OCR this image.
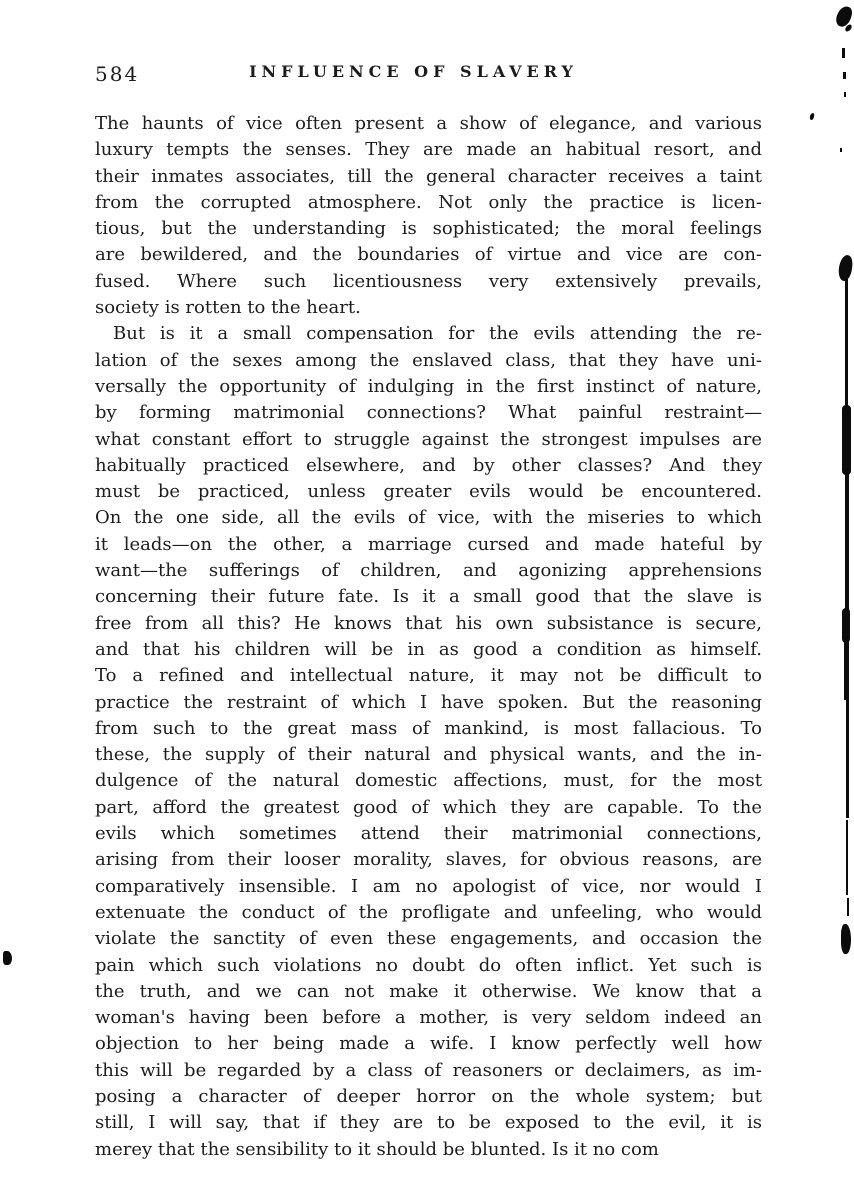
584	INFLUENCE OF SLAVERY
The haunts of vice often present a show of elegance, and various
luxury tempts the senses. They are made an habitual resort, and
their inmates associates, till the general character receives a taint
from the corrupted atmosphere. Not only the practice is licen-
tious, but the understanding is sophisticated; the moral feelings
are bewildered, and the boundaries of virtue and vice are con-
fused. Where such licentiousness very extensively prevails,
society is rotten to the heart.
But is it a small compensation for the evils attending the re-
lation of the sexes among the enslaved class, that they have uni-
versally the opportunity of indulging in the first instinct of nature,
by forming matrimonial connections? What painful restraint—
what constant effort to struggle against the strongest impulses are
habitually practiced elsewhere, and by other classes? And they
must be practiced, unless greater evils would be encountered.
On the one side, all the evils of vice, with the miseries to which
it leads—on the other, a marriage cursed and made hateful by
want—the sufferings of children, and agonizing apprehensions
concerning their future fate. Is it a small good that the slave is
free from all this? He knows that his own subsistance is secure,
and that his children will be in as good a condition as himself.
To a refined and intellectual nature, it may not be difficult to
practice the restraint of which I have spoken. But the reasoning
from such to the great mass of mankind, is most fallacious. To
these, the supply of their natural and physical wants, and the in-
dulgence of the natural domestic affections, must, for the most
part, afford the greatest good of which they are capable. To the
evils which sometimes attend their matrimonial connections,
arising from their looser morality, slaves, for obvious reasons, are
comparatively insensible. I am no apologist of vice, nor would I
extenuate the conduct of the profligate and unfeeling, who would
violate the sanctity of even these engagements, and occasion the
pain which such violations no doubt do often inflict. Yet such is
the truth, and we can not make it otherwise. We know that a
woman's having been before a mother, is very seldom indeed an
objection to her being made a wife. I know perfectly well how
this will be regarded by a class of reasoners or declaimers, as im-
posing a character of deeper horror on the whole system; but
still, I will say, that if they are to be exposed to the evil, it is
merey that the sensibility to it should be blunted. Is it no com
